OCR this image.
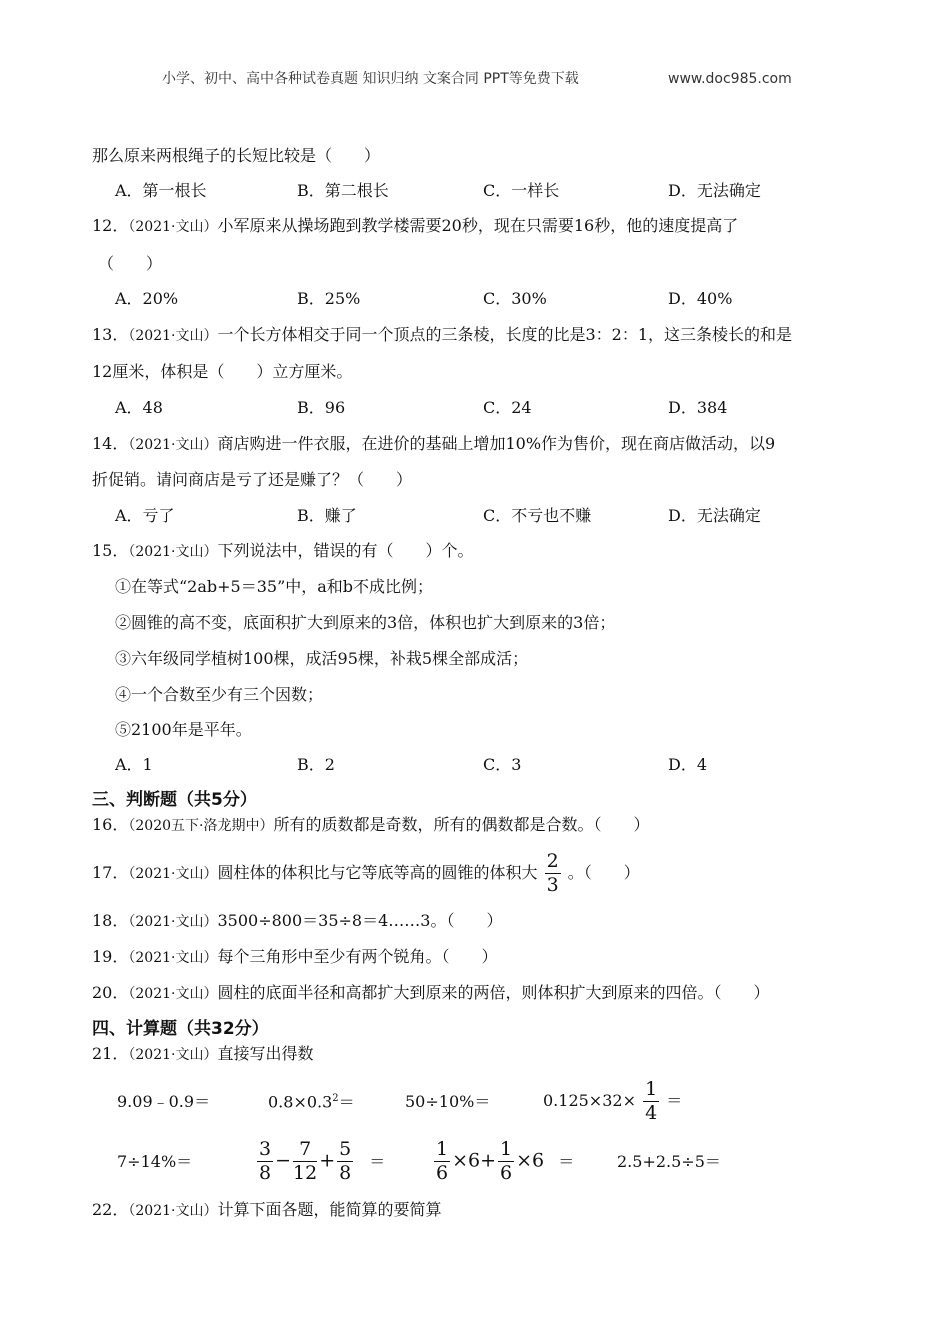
小学、初中、高中各种试卷真题 知识归纳 文案合同 PPT等免费下载	www.doc985.com
那么原来两根绳子的长短比较是（　　）
A．第一根长	B．第二根长	C．一样长	D．无法确定
12．（2021·文山）小军原来从操场跑到教学楼需要20秒，现在只需要16秒，他的速度提高了
（　　）
A．20%	B．25%	C．30%	D．40%
13．（2021·文山）一个长方体相交于同一个顶点的三条棱，长度的比是3：2：1，这三条棱长的和是
12厘米，体积是（　　）立方厘米。
A．48	B．96	C．24	D．384
14．（2021·文山）商店购进一件衣服，在进价的基础上增加10%作为售价，现在商店做活动，以9
折促销。请问商店是亏了还是赚了？（　　）
A．亏了	B．赚了	C．不亏也不赚	D．无法确定
15．（2021·文山）下列说法中，错误的有（　　）个。
①在等式“2ab+5＝35”中，a和b不成比例；
②圆锥的高不变，底面积扩大到原来的3倍，体积也扩大到原来的3倍；
③六年级同学植树100棵，成活95棵，补栽5棵全部成活；
④一个合数至少有三个因数；
⑤2100年是平年。
A．1	B．2	C．3	D．4
三、判断题（共5分）
16．（2020五下·洛龙期中）所有的质数都是奇数，所有的偶数都是合数。（　　）
17．（2021·文山）圆柱体的体积比与它等底等高的圆锥的体积大 $\frac{2}{3}$ 。（　　）
18．（2021·文山）3500÷800＝35÷8＝4……3。（　　）
19．（2021·文山）每个三角形中至少有两个锐角。（　　）
20．（2021·文山）圆柱的底面半径和高都扩大到原来的两倍，则体积扩大到原来的四倍。（　　）
四、计算题（共32分）
21．（2021·文山）直接写出得数
9.09﹣0.9＝	$0.8\times 0.3^2=$	50÷10%＝	$0.125\times 32\times \frac{1}{4}$ ＝
7÷14%＝	$\frac{3}{8} - \frac{7}{12} + \frac{5}{8}$ ＝	$\frac{1}{6} \times 6+ \frac{1}{6} \times 6$ ＝	2.5+2.5÷5＝
22．（2021·文山）计算下面各题，能简算的要简算
